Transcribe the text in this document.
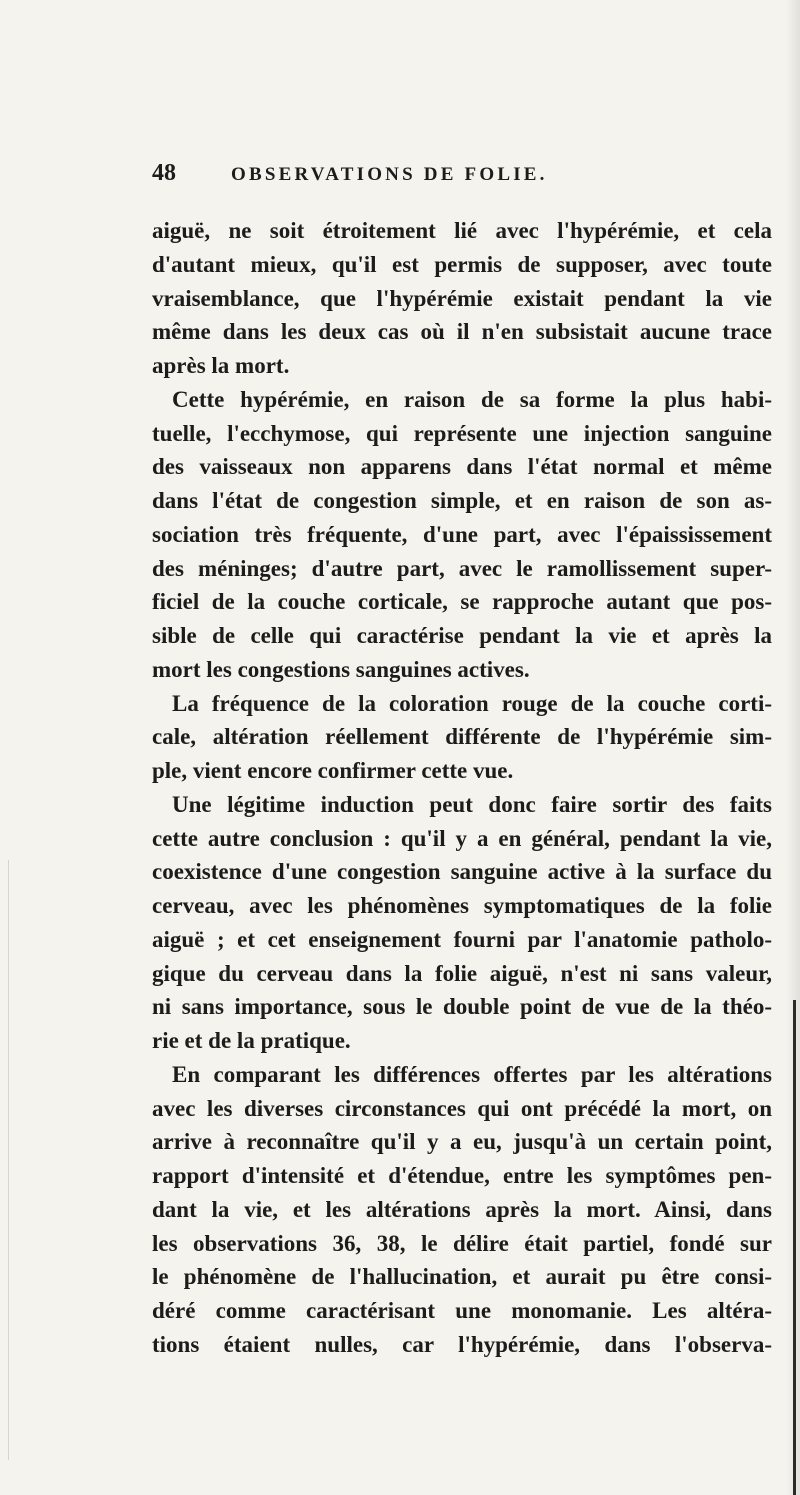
48	OBSERVATIONS DE FOLIE.
aiguë, ne soit étroitement lié avec l'hypérémie, et cela
d'autant mieux, qu'il est permis de supposer, avec toute
vraisemblance, que l'hypérémie existait pendant la vie
même dans les deux cas où il n'en subsistait aucune trace
après la mort.
Cette hypérémie, en raison de sa forme la plus habi-
tuelle, l'ecchymose, qui représente une injection sanguine
des vaisseaux non apparens dans l'état normal et même
dans l'état de congestion simple, et en raison de son as-
sociation très fréquente, d'une part, avec l'épaississement
des méninges; d'autre part, avec le ramollissement super-
ficiel de la couche corticale, se rapproche autant que pos-
sible de celle qui caractérise pendant la vie et après la
mort les congestions sanguines actives.
La fréquence de la coloration rouge de la couche corti-
cale, altération réellement différente de l'hypérémie sim-
ple, vient encore confirmer cette vue.
Une légitime induction peut donc faire sortir des faits
cette autre conclusion : qu'il y a en général, pendant la vie,
coexistence d'une congestion sanguine active à la surface du
cerveau, avec les phénomènes symptomatiques de la folie
aiguë ; et cet enseignement fourni par l'anatomie patholo-
gique du cerveau dans la folie aiguë, n'est ni sans valeur,
ni sans importance, sous le double point de vue de la théo-
rie et de la pratique.
En comparant les différences offertes par les altérations
avec les diverses circonstances qui ont précédé la mort, on
arrive à reconnaître qu'il y a eu, jusqu'à un certain point,
rapport d'intensité et d'étendue, entre les symptômes pen-
dant la vie, et les altérations après la mort. Ainsi, dans
les observations 36, 38, le délire était partiel, fondé sur
le phénomène de l'hallucination, et aurait pu être consi-
déré comme caractérisant une monomanie. Les altéra-
tions étaient nulles, car l'hypérémie, dans l'observa-
